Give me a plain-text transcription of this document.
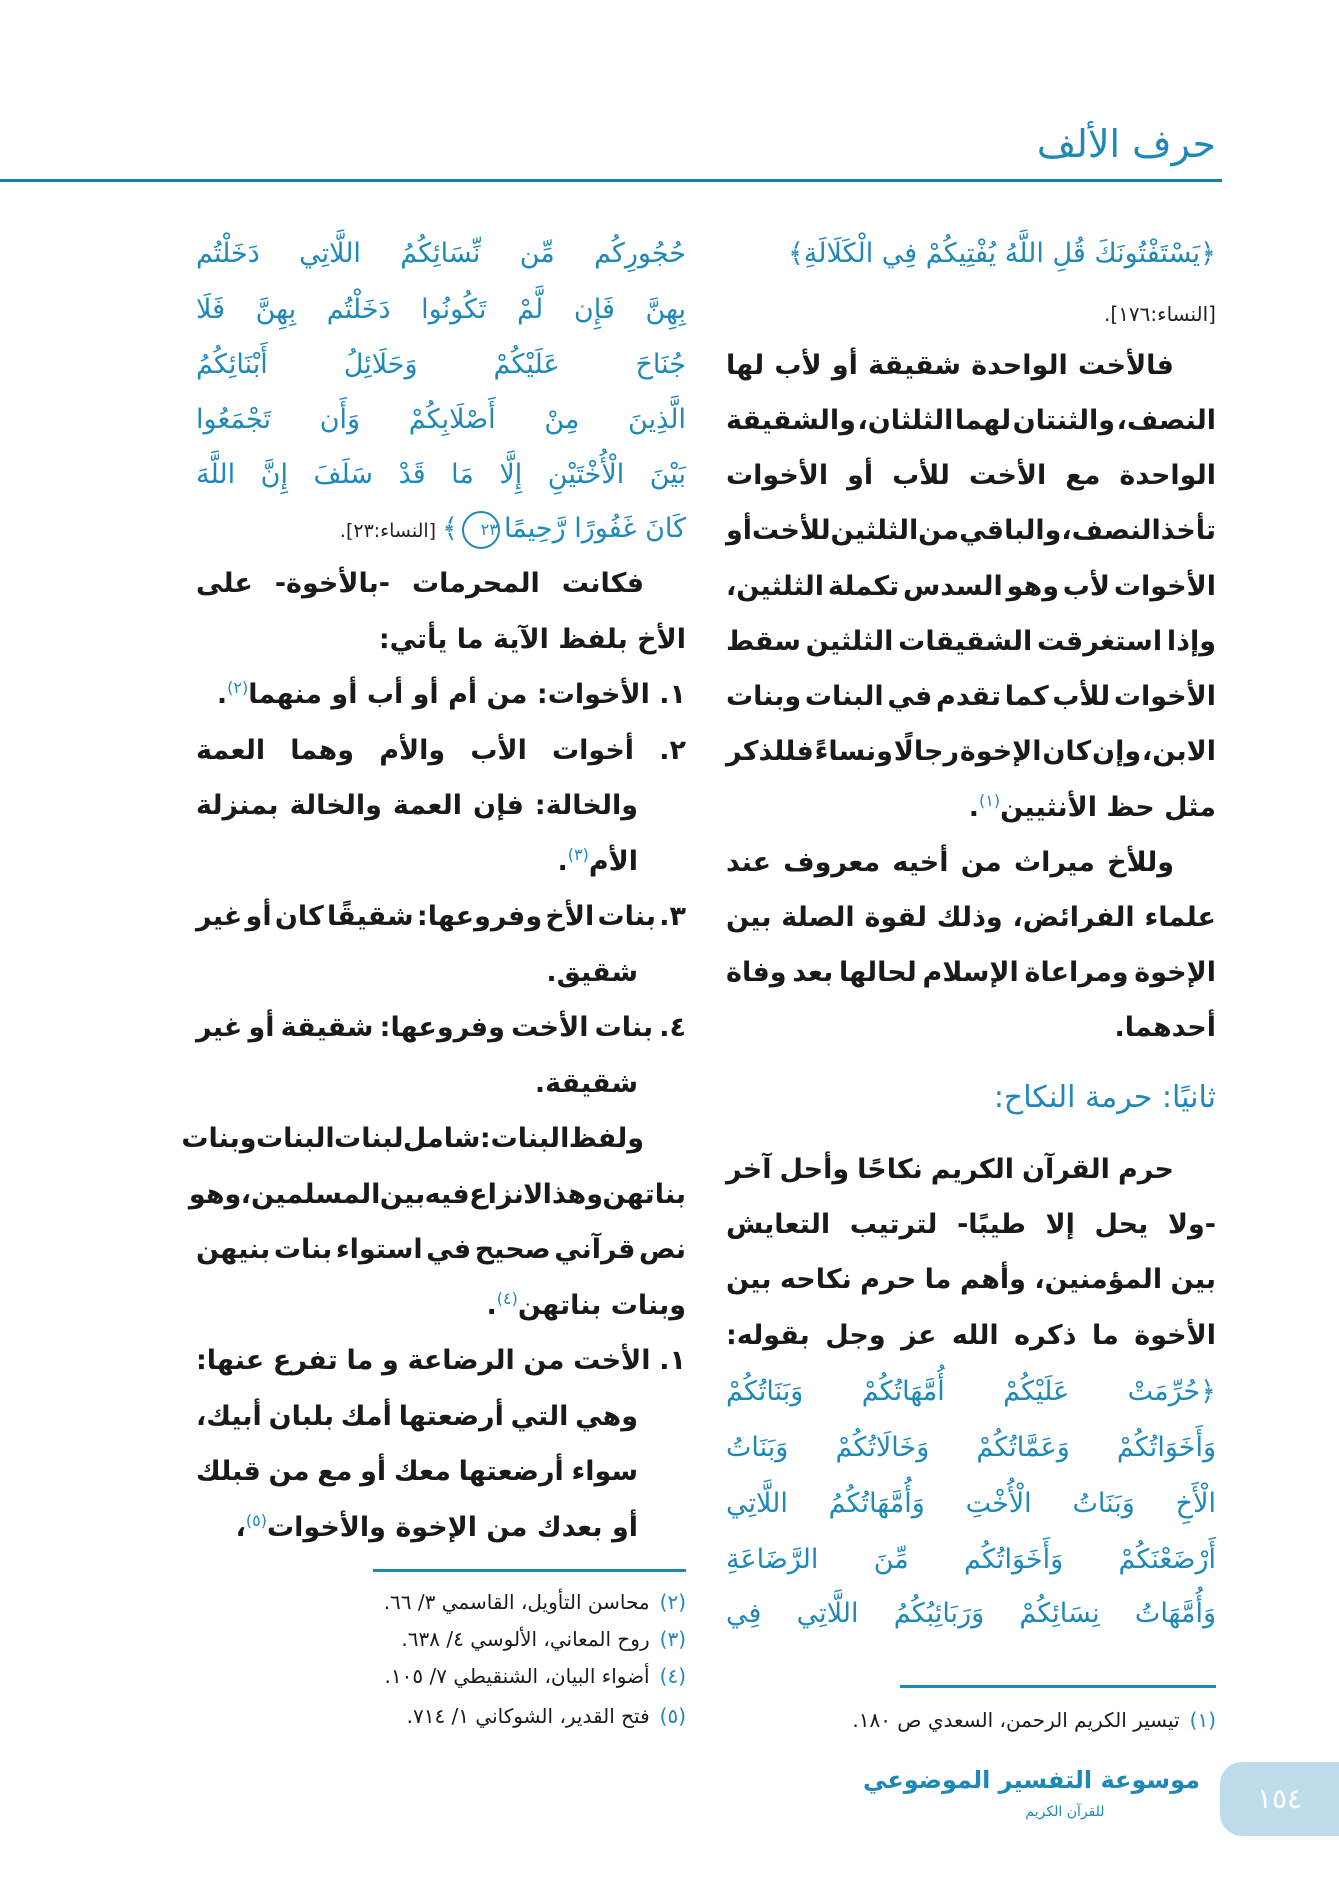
حرف الألف
﴿يَسْتَفْتُونَكَ قُلِ اللَّهُ يُفْتِيكُمْ فِي الْكَلَالَةِ﴾
[النساء:١٧٦].
فالأخت الواحدة شقيقة أو لأب لها
النصف، والثنتان لهما الثلثان، والشقيقة
الواحدة مع الأخت للأب أو الأخوات
تأخذ النصف، والباقي من الثلثين للأخت أو
الأخوات لأب وهو السدس تكملة الثلثين،
وإذا استغرقت الشقيقات الثلثين سقط
الأخوات للأب كما تقدم في البنات وبنات
الابن، وإن كان الإخوة رجالًا ونساءً فللذكر
مثل حظ الأنثيين$^{(١)}$.
وللأخ ميراث من أخيه معروف عند
علماء الفرائض، وذلك لقوة الصلة بين
الإخوة ومراعاة الإسلام لحالها بعد وفاة
أحدهما.
ثانيًا: حرمة النكاح:
حرم القرآن الكريم نكاحًا وأحل آخر
-ولا يحل إلا طيبًا- لترتيب التعايش
بين المؤمنين، وأهم ما حرم نكاحه بين
الأخوة ما ذكره الله عز وجل بقوله:
﴿حُرِّمَتْ عَلَيْكُمْ أُمَّهَاتُكُمْ وَبَنَاتُكُمْ
وَأَخَوَاتُكُمْ وَعَمَّاتُكُمْ وَخَالَاتُكُمْ وَبَنَاتُ
الْأَخِ وَبَنَاتُ الْأُخْتِ وَأُمَّهَاتُكُمُ اللَّاتِي
أَرْضَعْنَكُمْ وَأَخَوَاتُكُم مِّنَ الرَّضَاعَةِ
وَأُمَّهَاتُ نِسَائِكُمْ وَرَبَائِبُكُمُ اللَّاتِي فِي
حُجُورِكُم مِّن نِّسَائِكُمُ اللَّاتِي دَخَلْتُم
بِهِنَّ فَإِن لَّمْ تَكُونُوا دَخَلْتُم بِهِنَّ فَلَا
جُنَاحَ عَلَيْكُمْ وَحَلَائِلُ أَبْنَائِكُمُ
الَّذِينَ مِنْ أَصْلَابِكُمْ وَأَن تَجْمَعُوا
بَيْنَ الْأُخْتَيْنِ إِلَّا مَا قَدْ سَلَفَ إِنَّ اللَّهَ
كَانَ غَفُورًا رَّحِيمًا٢٣﴾ [النساء:٢٣].
فكانت المحرمات -بالأخوة- على
الأخ بلفظ الآية ما يأتي:
١. الأخوات: من أم أو أب أو منهما$^{(٢)}$.
٢. أخوات الأب والأم وهما العمة
والخالة: فإن العمة والخالة بمنزلة
الأم$^{(٣)}$.
٣. بنات الأخ وفروعها: شقيقًا كان أو غير
شقيق.
٤. بنات الأخت وفروعها: شقيقة أو غير
شقيقة.
ولفظ البنات: شامل لبنات البنات وبنات
بناتهن وهذا لا نزاع فيه بين المسلمين، وهو
نص قرآني صحيح في استواء بنات بنيهن
وبنات بناتهن$^{(٤)}$.
١. الأخت من الرضاعة و ما تفرع عنها:
وهي التي أرضعتها أمك بلبان أبيك،
سواء أرضعتها معك أو مع من قبلك
أو بعدك من الإخوة والأخوات$^{(٥)}$،
(١)تيسير الكريم الرحمن، السعدي ص ١٨٠.
(٢)محاسن التأويل، القاسمي ٣/ ٦٦.
(٣)روح المعاني، الألوسي ٤/ ٦٣٨.
(٤)أضواء البيان، الشنقيطي ٧/ ١٠٥.
(٥)فتح القدير، الشوكاني ١/ ٧١٤.
موسوعة التفسير الموضوعي
للقرآن الكريم	١٥٤
